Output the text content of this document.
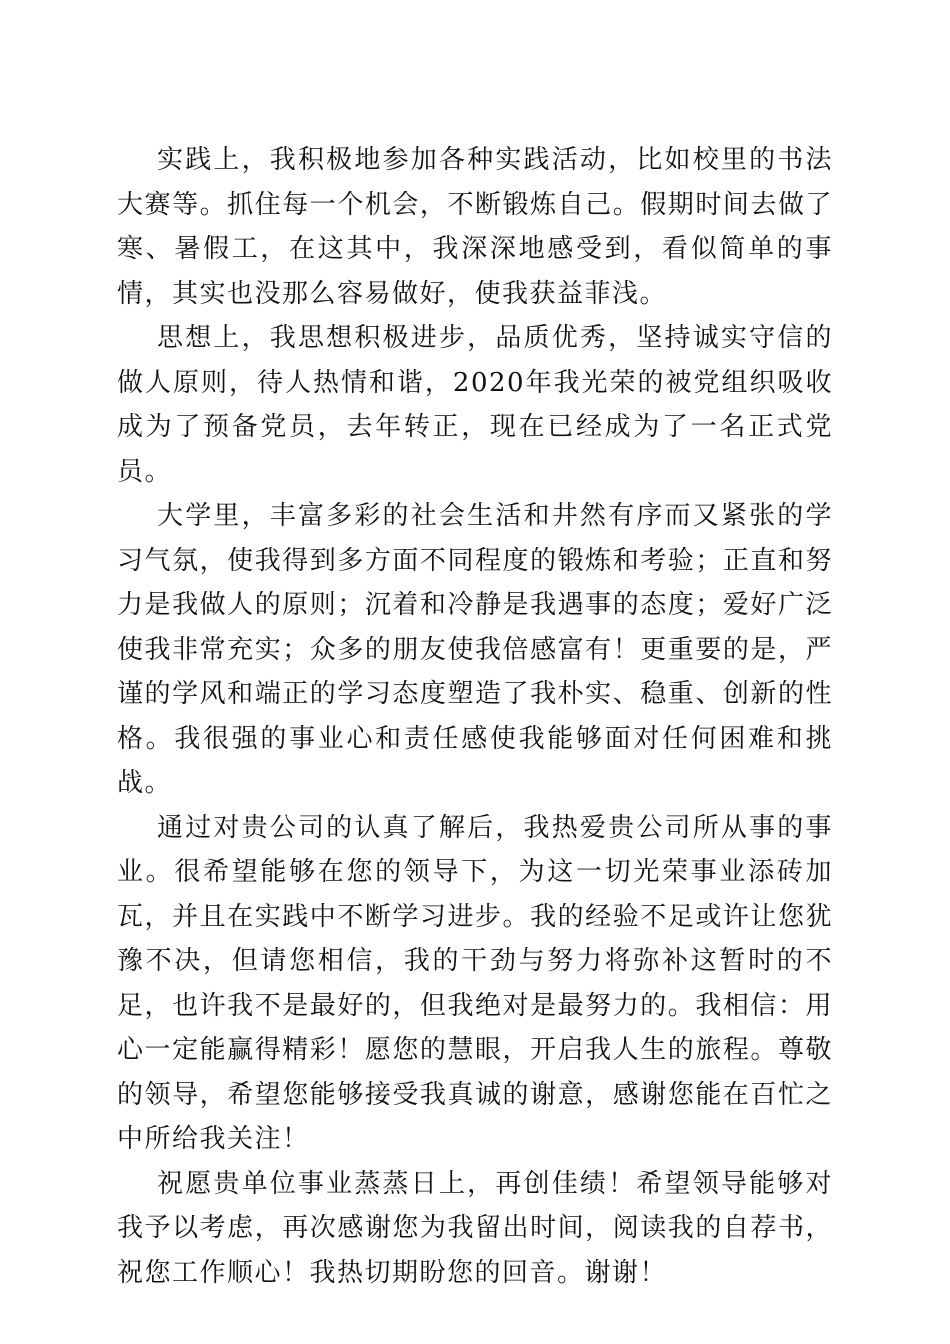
实践上，我积极地参加各种实践活动，比如校里的书法大赛等。抓住每一个机会，不断锻炼自己。假期时间去做了寒、暑假工，在这其中，我深深地感受到，看似简单的事情，其实也没那么容易做好，使我获益菲浅。

思想上，我思想积极进步，品质优秀，坚持诚实守信的做人原则，待人热情和谐，2020年我光荣的被党组织吸收成为了预备党员，去年转正，现在已经成为了一名正式党员。

大学里，丰富多彩的社会生活和井然有序而又紧张的学习气氛，使我得到多方面不同程度的锻炼和考验；正直和努力是我做人的原则；沉着和冷静是我遇事的态度；爱好广泛使我非常充实；众多的朋友使我倍感富有！更重要的是，严谨的学风和端正的学习态度塑造了我朴实、稳重、创新的性格。我很强的事业心和责任感使我能够面对任何困难和挑战。

通过对贵公司的认真了解后，我热爱贵公司所从事的事业。很希望能够在您的领导下，为这一切光荣事业添砖加瓦，并且在实践中不断学习进步。我的经验不足或许让您犹豫不决，但请您相信，我的干劲与努力将弥补这暂时的不足，也许我不是最好的，但我绝对是最努力的。我相信：用心一定能赢得精彩！愿您的慧眼，开启我人生的旅程。尊敬的领导，希望您能够接受我真诚的谢意，感谢您能在百忙之中所给我关注！

祝愿贵单位事业蒸蒸日上，再创佳绩！希望领导能够对我予以考虑，再次感谢您为我留出时间，阅读我的自荐书，祝您工作顺心！我热切期盼您的回音。谢谢！
